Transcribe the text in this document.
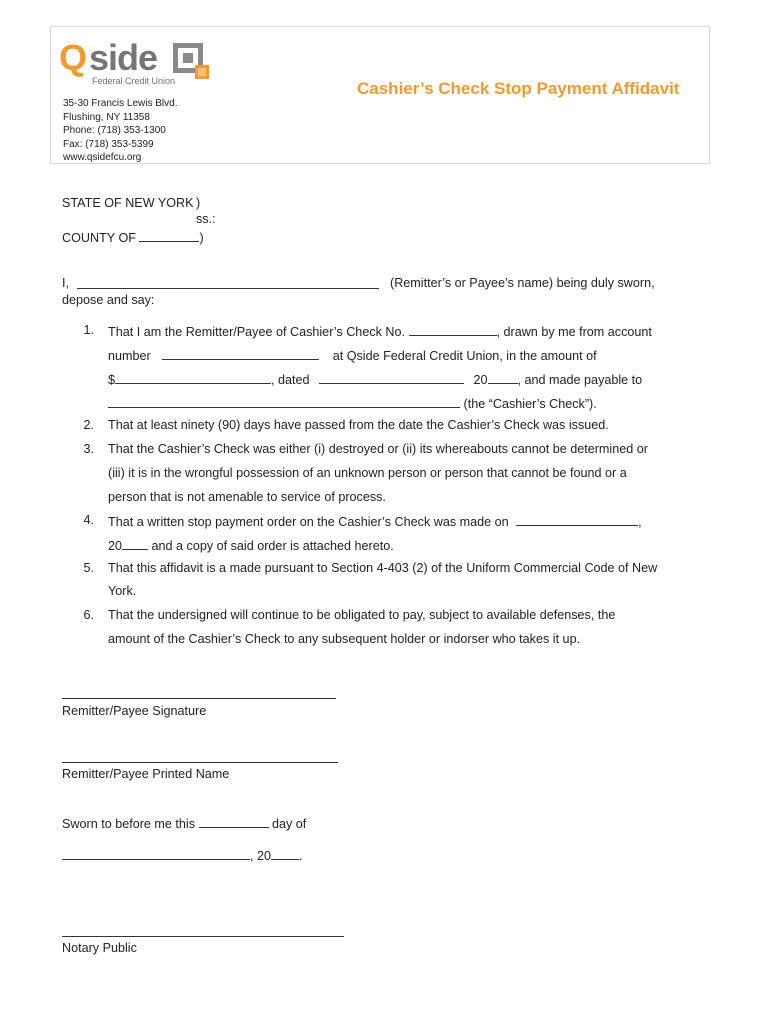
Q side
Federal Credit Union
35-30 Francis Lewis Blvd.
Flushing, NY 11358
Phone: (718) 353-1300
Fax: (718) 353-5399
www.qsidefcu.org
Cashier’s Check Stop Payment Affidavit
STATE OF NEW YORK )
ss.:
COUNTY OF	)
I,	(Remitter’s or Payee’s name) being duly sworn,
depose and say:
1. That I am the Remitter/Payee of Cashier’s Check No.	, drawn by me from account
number	at Qside Federal Credit Union, in the amount of
$	, dated	20 , and made payable to
(the “Cashier’s Check”).
2. That at least ninety (90) days have passed from the date the Cashier’s Check was issued.
3. That the Cashier’s Check was either (i) destroyed or (ii) its whereabouts cannot be determined or
(iii) it is in the wrongful possession of an unknown person or person that cannot be found or a
person that is not amenable to service of process.
4. That a written stop payment order on the Cashier’s Check was made on	,
20 and a copy of said order is attached hereto.
5. That this affidavit is a made pursuant to Section 4-403 (2) of the Uniform Commercial Code of New
York.
6. That the undersigned will continue to be obligated to pay, subject to available defenses, the
amount of the Cashier’s Check to any subsequent holder or indorser who takes it up.
Remitter/Payee Signature
Remitter/Payee Printed Name
Sworn to before me this	day of
, 20 .
Notary Public
